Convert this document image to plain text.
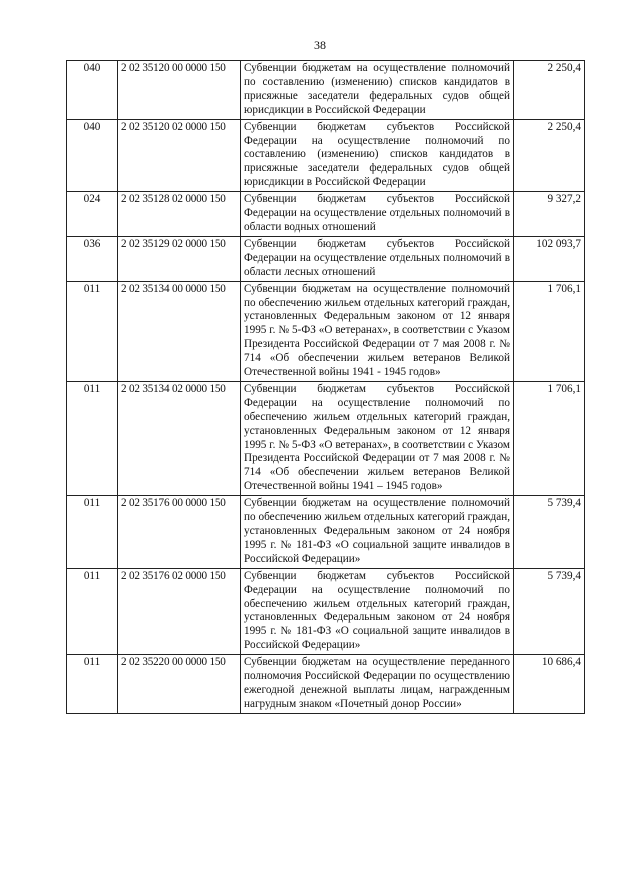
38
040	2 02 35120 00 0000 150	Субвенции бюджетам на осуществление полномочий по составлению (изменению) списков кандидатов в присяжные заседатели федеральных судов общей юрисдикции в Российской Федерации	2 250,4
040	2 02 35120 02 0000 150	Субвенции бюджетам субъектов Российской Федерации на осуществление полномочий по составлению (изменению) списков кандидатов в присяжные заседатели федеральных судов общей юрисдикции в Российской Федерации	2 250,4
024	2 02 35128 02 0000 150	Субвенции бюджетам субъектов Российской Федерации на осуществление отдельных полномочий в области водных отношений	9 327,2
036	2 02 35129 02 0000 150	Субвенции бюджетам субъектов Российской Федерации на осуществление отдельных полномочий в области лесных отношений	102 093,7
011	2 02 35134 00 0000 150	Субвенции бюджетам на осуществление полномочий по обеспечению жильем отдельных категорий граждан, установленных Федеральным законом от 12 января 1995 г. № 5-ФЗ «О ветеранах», в соответствии с Указом Президента Российской Федерации от 7 мая 2008 г. № 714 «Об обеспечении жильем ветеранов Великой Отечественной войны 1941 - 1945 годов»	1 706,1
011	2 02 35134 02 0000 150	Субвенции бюджетам субъектов Российской Федерации на осуществление полномочий по обеспечению жильем отдельных категорий граждан, установленных Федеральным законом от 12 января 1995 г. № 5-ФЗ «О ветеранах», в соответствии с Указом Президента Российской Федерации от 7 мая 2008 г. № 714 «Об обеспечении жильем ветеранов Великой Отечественной войны 1941 – 1945 годов»	1 706,1
011	2 02 35176 00 0000 150	Субвенции бюджетам на осуществление полномочий по обеспечению жильем отдельных категорий граждан, установленных Федеральным законом от 24 ноября 1995 г. № 181-ФЗ «О социальной защите инвалидов в Российской Федерации»	5 739,4
011	2 02 35176 02 0000 150	Субвенции бюджетам субъектов Российской Федерации на осуществление полномочий по обеспечению жильем отдельных категорий граждан, установленных Федеральным законом от 24 ноября 1995 г. № 181-ФЗ «О социальной защите инвалидов в Российской Федерации»	5 739,4
011	2 02 35220 00 0000 150	Субвенции бюджетам на осуществление переданного полномочия Российской Федерации по осуществлению ежегодной денежной выплаты лицам, награжденным нагрудным знаком «Почетный донор России»	10 686,4
